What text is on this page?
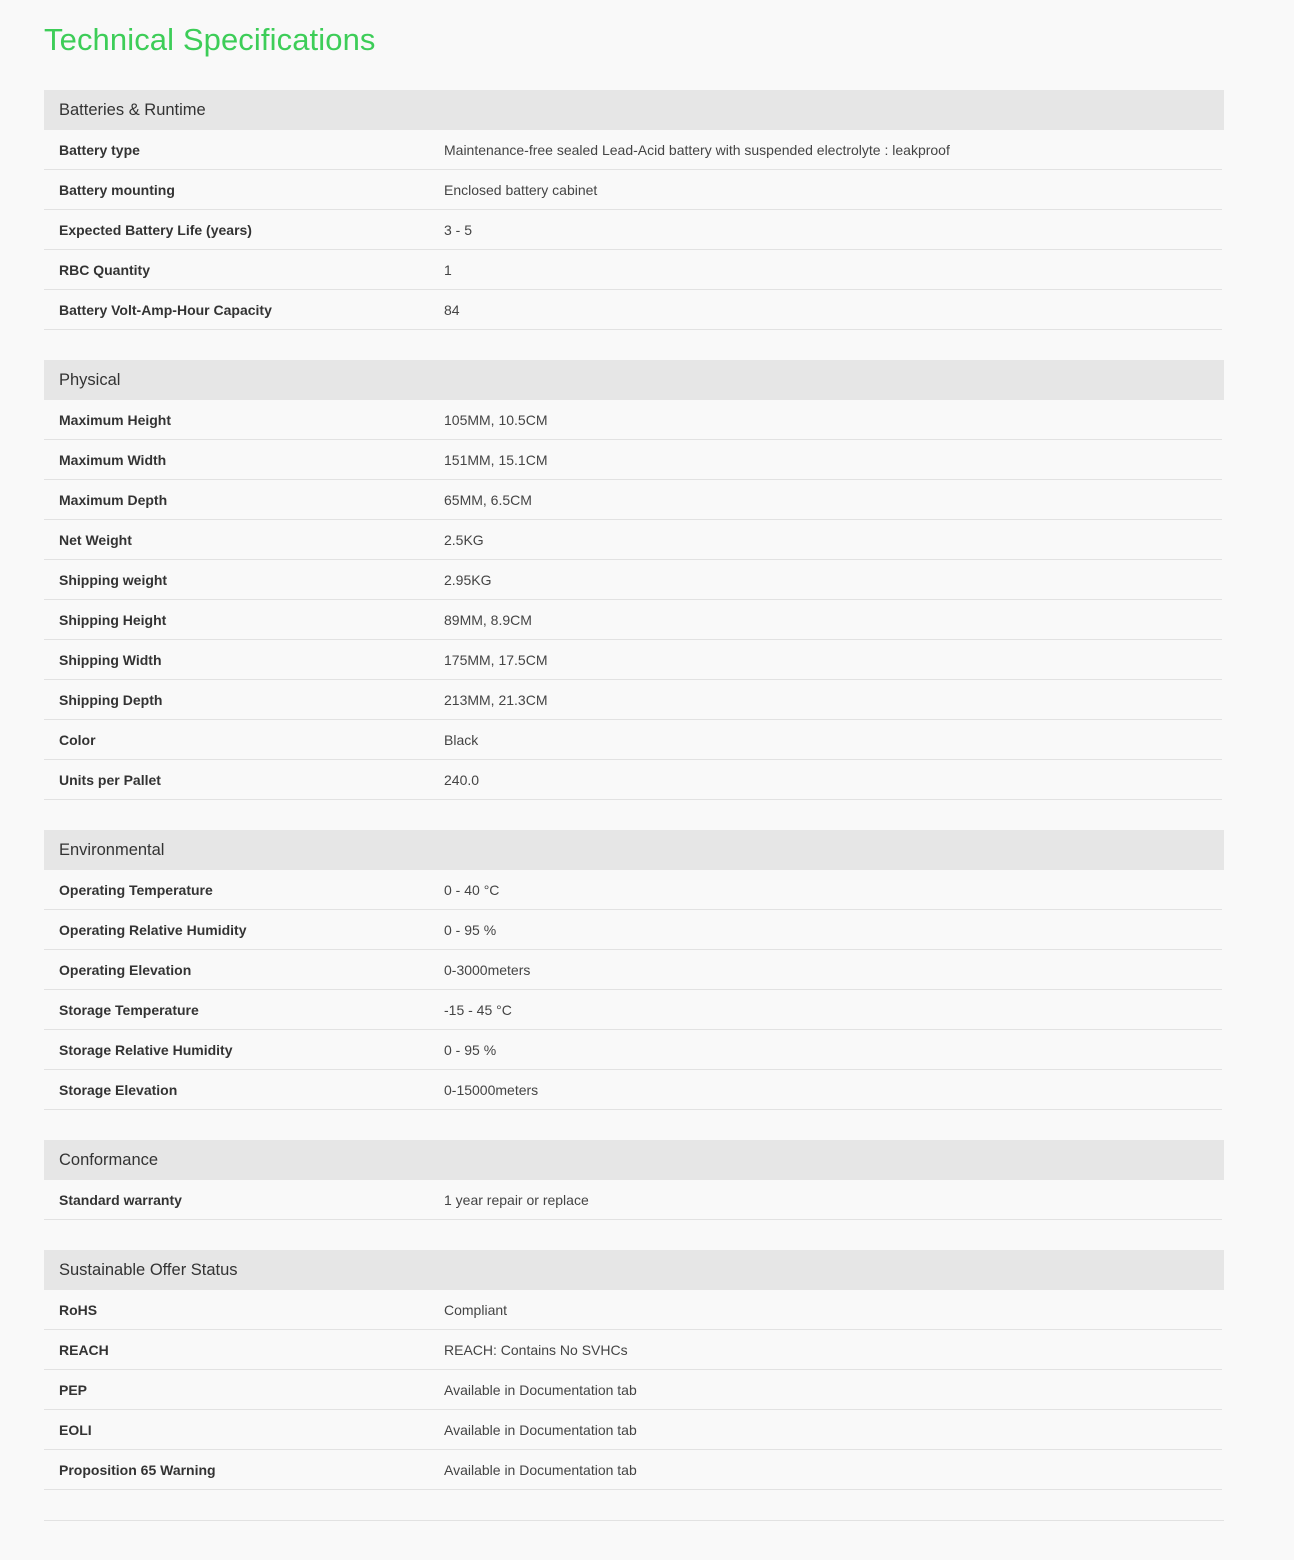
Technical Specifications
Batteries & Runtime
Battery type	Maintenance-free sealed Lead-Acid battery with suspended electrolyte : leakproof
Battery mounting	Enclosed battery cabinet
Expected Battery Life (years)	3 - 5
RBC Quantity	1
Battery Volt-Amp-Hour Capacity	84
Physical
Maximum Height	105MM, 10.5CM
Maximum Width	151MM, 15.1CM
Maximum Depth	65MM, 6.5CM
Net Weight	2.5KG
Shipping weight	2.95KG
Shipping Height	89MM, 8.9CM
Shipping Width	175MM, 17.5CM
Shipping Depth	213MM, 21.3CM
Color	Black
Units per Pallet	240.0
Environmental
Operating Temperature	0 - 40 °C
Operating Relative Humidity	0 - 95 %
Operating Elevation	0-3000meters
Storage Temperature	-15 - 45 °C
Storage Relative Humidity	0 - 95 %
Storage Elevation	0-15000meters
Conformance
Standard warranty	1 year repair or replace
Sustainable Offer Status
RoHS	Compliant
REACH	REACH: Contains No SVHCs
PEP	Available in Documentation tab
EOLI	Available in Documentation tab
Proposition 65 Warning	Available in Documentation tab
